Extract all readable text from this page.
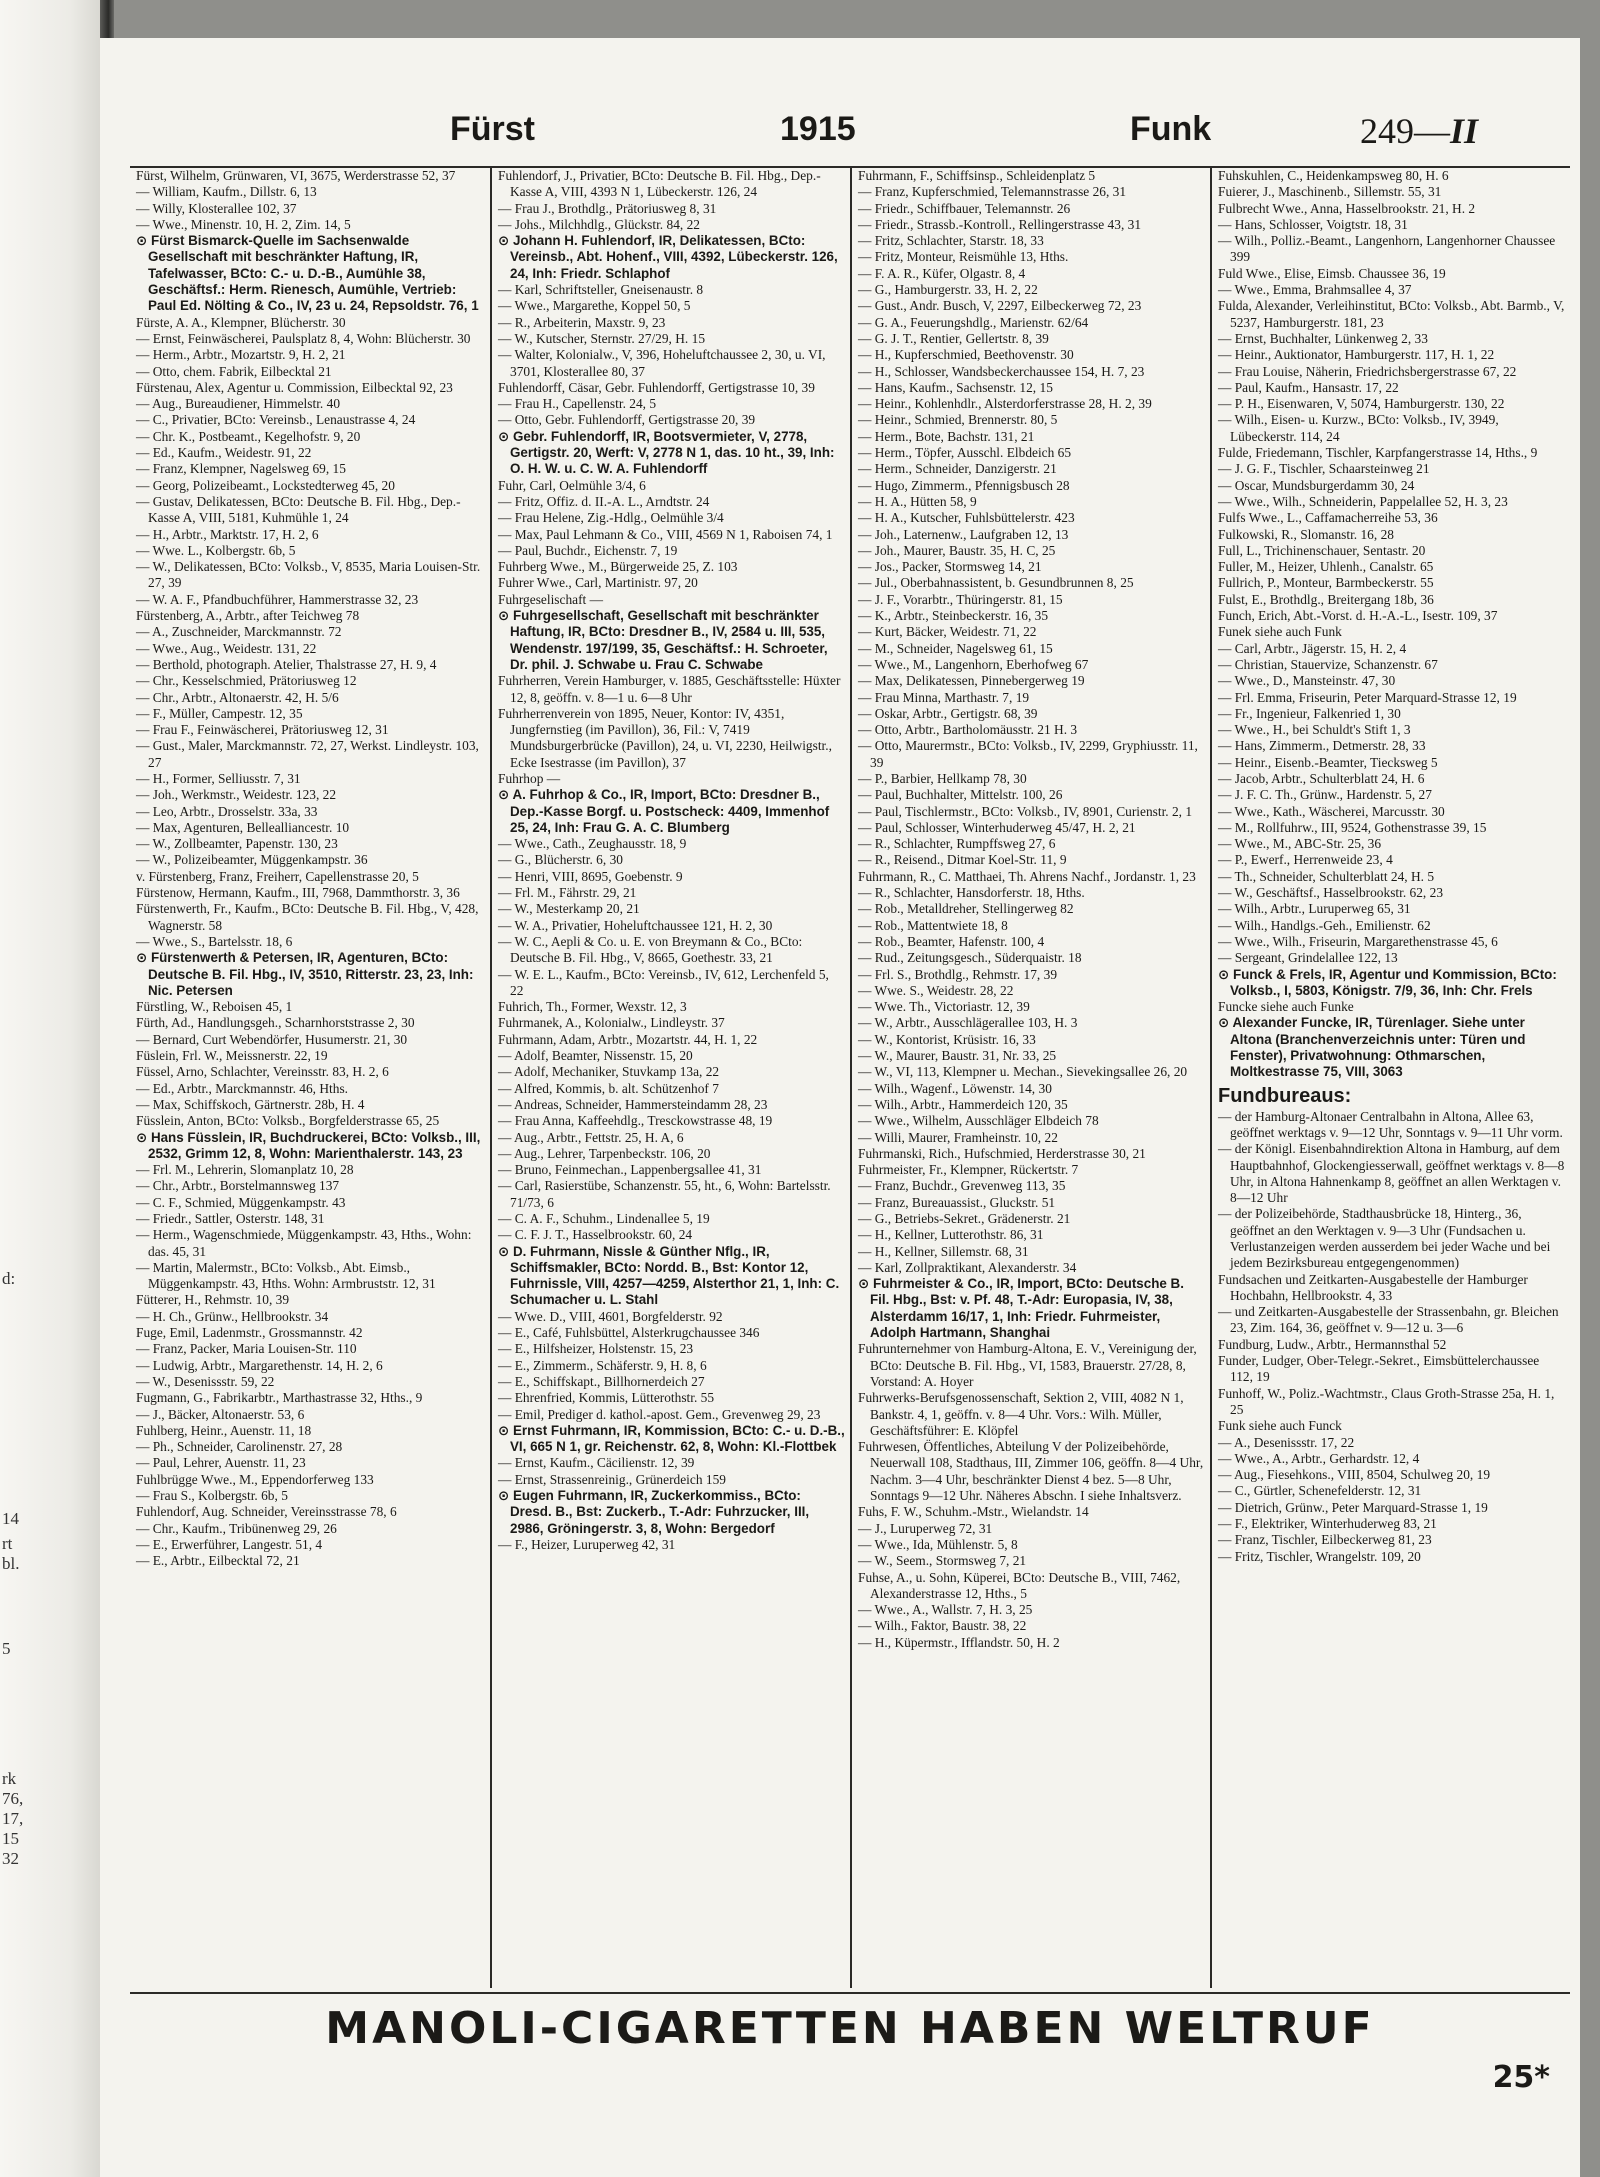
d:
14
rt
bl.
5
rk
76,
17,
15
32
Fürst	1915	Funk	249—II

Fürst, Wilhelm, Grünwaren, VI, 3675, Werderstrasse 52, 37

— William, Kaufm., Dillstr. 6, 13

— Willy, Klosterallee 102, 37

— Wwe., Minenstr. 10, H. 2, Zim. 14, 5

⊙ Fürst Bismarck-Quelle im Sachsenwalde Gesellschaft mit beschränkter Haftung, IR, Tafelwasser, BCto: C.- u. D.-B., Aumühle 38, Geschäftsf.: Herm. Rienesch, Aumühle, Vertrieb: Paul Ed. Nölting & Co., IV, 23 u. 24, Repsoldstr. 76, 1

Fürste, A. A., Klempner, Blücherstr. 30

— Ernst, Feinwäscherei, Paulsplatz 8, 4, Wohn: Blücherstr. 30

— Herm., Arbtr., Mozartstr. 9, H. 2, 21

— Otto, chem. Fabrik, Eilbecktal 21

Fürstenau, Alex, Agentur u. Commission, Eilbecktal 92, 23

— Aug., Bureaudiener, Himmelstr. 40

— C., Privatier, BCto: Vereinsb., Lenaustrasse 4, 24

— Chr. K., Postbeamt., Kegelhofstr. 9, 20

— Ed., Kaufm., Weidestr. 91, 22

— Franz, Klempner, Nagelsweg 69, 15

— Georg, Polizeibeamt., Lockstedterweg 45, 20

— Gustav, Delikatessen, BCto: Deutsche B. Fil. Hbg., Dep.-Kasse A, VIII, 5181, Kuhmühle 1, 24

— H., Arbtr., Marktstr. 17, H. 2, 6

— Wwe. L., Kolbergstr. 6b, 5

— W., Delikatessen, BCto: Volksb., V, 8535, Maria Louisen-Str. 27, 39

— W. A. F., Pfandbuchführer, Hammerstrasse 32, 23

Fürstenberg, A., Arbtr., after Teichweg 78

— A., Zuschneider, Marckmannstr. 72

— Wwe., Aug., Weidestr. 131, 22

— Berthold, photograph. Atelier, Thalstrasse 27, H. 9, 4

— Chr., Kesselschmied, Prätoriusweg 12

— Chr., Arbtr., Altonaerstr. 42, H. 5/6

— F., Müller, Campestr. 12, 35

— Frau F., Feinwäscherei, Prätoriusweg 12, 31

— Gust., Maler, Marckmannstr. 72, 27, Werkst. Lindleystr. 103, 27

— H., Former, Selliusstr. 7, 31

— Joh., Werkmstr., Weidestr. 123, 22

— Leo, Arbtr., Drosselstr. 33a, 33

— Max, Agenturen, Bellealliancestr. 10

— W., Zollbeamter, Papenstr. 130, 23

— W., Polizeibeamter, Müggenkampstr. 36

v. Fürstenberg, Franz, Freiherr, Capellenstrasse 20, 5

Fürstenow, Hermann, Kaufm., III, 7968, Dammthorstr. 3, 36

Fürstenwerth, Fr., Kaufm., BCto: Deutsche B. Fil. Hbg., V, 428, Wagnerstr. 58

— Wwe., S., Bartelsstr. 18, 6

⊙ Fürstenwerth & Petersen, IR, Agenturen, BCto: Deutsche B. Fil. Hbg., IV, 3510, Ritterstr. 23, 23, Inh: Nic. Petersen

Fürstling, W., Reboisen 45, 1

Fürth, Ad., Handlungsgeh., Scharnhorststrasse 2, 30

— Bernard, Curt Webendörfer, Husumerstr. 21, 30

Füslein, Frl. W., Meissnerstr. 22, 19

Füssel, Arno, Schlachter, Vereinsstr. 83, H. 2, 6

— Ed., Arbtr., Marckmannstr. 46, Hths.

— Max, Schiffskoch, Gärtnerstr. 28b, H. 4

Füsslein, Anton, BCto: Volksb., Borgfelderstrasse 65, 25

⊙ Hans Füsslein, IR, Buchdruckerei, BCto: Volksb., III, 2532, Grimm 12, 8, Wohn: Marienthalerstr. 143, 23

— Frl. M., Lehrerin, Slomanplatz 10, 28

— Chr., Arbtr., Borstelmannsweg 137

— C. F., Schmied, Müggenkampstr. 43

— Friedr., Sattler, Osterstr. 148, 31

— Herm., Wagenschmiede, Müggenkampstr. 43, Hths., Wohn: das. 45, 31

— Martin, Malermstr., BCto: Volksb., Abt. Eimsb., Müggenkampstr. 43, Hths. Wohn: Armbruststr. 12, 31

Fütterer, H., Rehmstr. 10, 39

— H. Ch., Grünw., Hellbrookstr. 34

Fuge, Emil, Ladenmstr., Grossmannstr. 42

— Franz, Packer, Maria Louisen-Str. 110

— Ludwig, Arbtr., Margarethenstr. 14, H. 2, 6

— W., Desenissstr. 59, 22

Fugmann, G., Fabrikarbtr., Marthastrasse 32, Hths., 9

— J., Bäcker, Altonaerstr. 53, 6

Fuhlberg, Heinr., Auenstr. 11, 18

— Ph., Schneider, Carolinenstr. 27, 28

— Paul, Lehrer, Auenstr. 11, 23

Fuhlbrügge Wwe., M., Eppendorferweg 133

— Frau S., Kolbergstr. 6b, 5

Fuhlendorf, Aug. Schneider, Vereinsstrasse 78, 6

— Chr., Kaufm., Tribünenweg 29, 26

— E., Erwerführer, Langestr. 51, 4

— E., Arbtr., Eilbecktal 72, 21

Fuhlendorf, J., Privatier, BCto: Deutsche B. Fil. Hbg., Dep.-Kasse A, VIII, 4393 N 1, Lübeckerstr. 126, 24

— Frau J., Brothdlg., Prätoriusweg 8, 31

— Johs., Milchhdlg., Glückstr. 84, 22

⊙ Johann H. Fuhlendorf, IR, Delikatessen, BCto: Vereinsb., Abt. Hohenf., VIII, 4392, Lübeckerstr. 126, 24, Inh: Friedr. Schlaphof

— Karl, Schriftsteller, Gneisenaustr. 8

— Wwe., Margarethe, Koppel 50, 5

— R., Arbeiterin, Maxstr. 9, 23

— W., Kutscher, Sternstr. 27/29, H. 15

— Walter, Kolonialw., V, 396, Hoheluftchaussee 2, 30, u. VI, 3701, Klosterallee 80, 37

Fuhlendorff, Cäsar, Gebr. Fuhlendorff, Gertigstrasse 10, 39

— Frau H., Capellenstr. 24, 5

— Otto, Gebr. Fuhlendorff, Gertigstrasse 20, 39

⊙ Gebr. Fuhlendorff, IR, Bootsvermieter, V, 2778, Gertigstr. 20, Werft: V, 2778 N 1, das. 10 ht., 39, Inh: O. H. W. u. C. W. A. Fuhlendorff

Fuhr, Carl, Oelmühle 3/4, 6

— Fritz, Offiz. d. II.-A. L., Arndtstr. 24

— Frau Helene, Zig.-Hdlg., Oelmühle 3/4

— Max, Paul Lehmann & Co., VIII, 4569 N 1, Raboisen 74, 1

— Paul, Buchdr., Eichenstr. 7, 19

Fuhrberg Wwe., M., Bürgerweide 25, Z. 103

Fuhrer Wwe., Carl, Martinistr. 97, 20

Fuhrgeselischaft —

⊙ Fuhrgesellschaft, Gesellschaft mit beschränkter Haftung, IR, BCto: Dresdner B., IV, 2584 u. III, 535, Wendenstr. 197/199, 35, Geschäftsf.: H. Schroeter, Dr. phil. J. Schwabe u. Frau C. Schwabe

Fuhrherren, Verein Hamburger, v. 1885, Geschäftsstelle: Hüxter 12, 8, geöffn. v. 8—1 u. 6—8 Uhr

Fuhrherrenverein von 1895, Neuer, Kontor: IV, 4351, Jungfernstieg (im Pavillon), 36, Fil.: V, 7419 Mundsburgerbrücke (Pavillon), 24, u. VI, 2230, Heilwigstr., Ecke Isestrasse (im Pavillon), 37

Fuhrhop —

⊙ A. Fuhrhop & Co., IR, Import, BCto: Dresdner B., Dep.-Kasse Borgf. u. Postscheck: 4409, Immenhof 25, 24, Inh: Frau G. A. C. Blumberg

— Wwe., Cath., Zeughausstr. 18, 9

— G., Blücherstr. 6, 30

— Henri, VIII, 8695, Goebenstr. 9

— Frl. M., Fährstr. 29, 21

— W., Mesterkamp 20, 21

— W. A., Privatier, Hoheluftchaussee 121, H. 2, 30

— W. C., Aepli & Co. u. E. von Breymann & Co., BCto: Deutsche B. Fil. Hbg., V, 8665, Goethestr. 33, 21

— W. E. L., Kaufm., BCto: Vereinsb., IV, 612, Lerchenfeld 5, 22

Fuhrich, Th., Former, Wexstr. 12, 3

Fuhrmanek, A., Kolonialw., Lindleystr. 37

Fuhrmann, Adam, Arbtr., Mozartstr. 44, H. 1, 22

— Adolf, Beamter, Nissenstr. 15, 20

— Adolf, Mechaniker, Stuvkamp 13a, 22

— Alfred, Kommis, b. alt. Schützenhof 7

— Andreas, Schneider, Hammersteindamm 28, 23

— Frau Anna, Kaffeehdlg., Tresckowstrasse 48, 19

— Aug., Arbtr., Fettstr. 25, H. A, 6

— Aug., Lehrer, Tarpenbeckstr. 106, 20

— Bruno, Feinmechan., Lappenbergsallee 41, 31

— Carl, Rasierstübe, Schanzenstr. 55, ht., 6, Wohn: Bartelsstr. 71/73, 6

— C. A. F., Schuhm., Lindenallee 5, 19

— C. F. J. T., Hasselbrookstr. 60, 24

⊙ D. Fuhrmann, Nissle & Günther Nflg., IR, Schiffsmakler, BCto: Nordd. B., Bst: Kontor 12, Fuhrnissle, VIII, 4257—4259, Alsterthor 21, 1, Inh: C. Schumacher u. L. Stahl

— Wwe. D., VIII, 4601, Borgfelderstr. 92

— E., Café, Fuhlsbüttel, Alsterkrugchaussee 346

— E., Hilfsheizer, Holstenstr. 15, 23

— E., Zimmerm., Schäferstr. 9, H. 8, 6

— E., Schiffskapt., Billhornerdeich 27

— Ehrenfried, Kommis, Lütterothstr. 55

— Emil, Prediger d. kathol.-apost. Gem., Grevenweg 29, 23

⊙ Ernst Fuhrmann, IR, Kommission, BCto: C.- u. D.-B., VI, 665 N 1, gr. Reichenstr. 62, 8, Wohn: Kl.-Flottbek

— Ernst, Kaufm., Cäcilienstr. 12, 39

— Ernst, Strassenreinig., Grünerdeich 159

⊙ Eugen Fuhrmann, IR, Zuckerkommiss., BCto: Dresd. B., Bst: Zuckerb., T.-Adr: Fuhrzucker, III, 2986, Gröningerstr. 3, 8, Wohn: Bergedorf

— F., Heizer, Luruperweg 42, 31

Fuhrmann, F., Schiffsinsp., Schleidenplatz 5

— Franz, Kupferschmied, Telemannstrasse 26, 31

— Friedr., Schiffbauer, Telemannstr. 26

— Friedr., Strassb.-Kontroll., Rellingerstrasse 43, 31

— Fritz, Schlachter, Starstr. 18, 33

— Fritz, Monteur, Reismühle 13, Hths.

— F. A. R., Küfer, Olgastr. 8, 4

— G., Hamburgerstr. 33, H. 2, 22

— Gust., Andr. Busch, V, 2297, Eilbeckerweg 72, 23

— G. A., Feuerungshdlg., Marienstr. 62/64

— G. J. T., Rentier, Gellertstr. 8, 39

— H., Kupferschmied, Beethovenstr. 30

— H., Schlosser, Wandsbeckerchaussee 154, H. 7, 23

— Hans, Kaufm., Sachsenstr. 12, 15

— Heinr., Kohlenhdlr., Alsterdorferstrasse 28, H. 2, 39

— Heinr., Schmied, Brennerstr. 80, 5

— Herm., Bote, Bachstr. 131, 21

— Herm., Töpfer, Ausschl. Elbdeich 65

— Herm., Schneider, Danzigerstr. 21

— Hugo, Zimmerm., Pfennigsbusch 28

— H. A., Hütten 58, 9

— H. A., Kutscher, Fuhlsbüttelerstr. 423

— Joh., Laternenw., Laufgraben 12, 13

— Joh., Maurer, Baustr. 35, H. C, 25

— Jos., Packer, Stormsweg 14, 21

— Jul., Oberbahnassistent, b. Gesundbrunnen 8, 25

— J. F., Vorarbtr., Thüringerstr. 81, 15

— K., Arbtr., Steinbeckerstr. 16, 35

— Kurt, Bäcker, Weidestr. 71, 22

— M., Schneider, Nagelsweg 61, 15

— Wwe., M., Langenhorn, Eberhofweg 67

— Max, Delikatessen, Pinnebergerweg 19

— Frau Minna, Marthastr. 7, 19

— Oskar, Arbtr., Gertigstr. 68, 39

— Otto, Arbtr., Bartholomäusstr. 21 H. 3

— Otto, Maurermstr., BCto: Volksb., IV, 2299, Gryphiusstr. 11, 39

— P., Barbier, Hellkamp 78, 30

— Paul, Buchhalter, Mittelstr. 100, 26

— Paul, Tischlermstr., BCto: Volksb., IV, 8901, Curienstr. 2, 1

— Paul, Schlosser, Winterhuderweg 45/47, H. 2, 21

— R., Schlachter, Rumpffsweg 27, 6

— R., Reisend., Ditmar Koel-Str. 11, 9

Fuhrmann, R., C. Matthaei, Th. Ahrens Nachf., Jordanstr. 1, 23

— R., Schlachter, Hansdorferstr. 18, Hths.

— Rob., Metalldreher, Stellingerweg 82

— Rob., Mattentwiete 18, 8

— Rob., Beamter, Hafenstr. 100, 4

— Rud., Zeitungsgesch., Süderquaistr. 18

— Frl. S., Brothdlg., Rehmstr. 17, 39

— Wwe. S., Weidestr. 28, 22

— Wwe. Th., Victoriastr. 12, 39

— W., Arbtr., Ausschlägerallee 103, H. 3

— W., Kontorist, Krüsistr. 16, 33

— W., Maurer, Baustr. 31, Nr. 33, 25

— W., VI, 113, Klempner u. Mechan., Sievekingsallee 26, 20

— Wilh., Wagenf., Löwenstr. 14, 30

— Wilh., Arbtr., Hammerdeich 120, 35

— Wwe., Wilhelm, Ausschläger Elbdeich 78

— Willi, Maurer, Framheinstr. 10, 22

Fuhrmanski, Rich., Hufschmied, Herderstrasse 30, 21

Fuhrmeister, Fr., Klempner, Rückertstr. 7

— Franz, Buchdr., Grevenweg 113, 35

— Franz, Bureauassist., Gluckstr. 51

— G., Betriebs-Sekret., Grädenerstr. 21

— H., Kellner, Lutterothstr. 86, 31

— H., Kellner, Sillemstr. 68, 31

— Karl, Zollpraktikant, Alexanderstr. 34

⊙ Fuhrmeister & Co., IR, Import, BCto: Deutsche B. Fil. Hbg., Bst: v. Pf. 48, T.-Adr: Europasia, IV, 38, Alsterdamm 16/17, 1, Inh: Friedr. Fuhrmeister, Adolph Hartmann, Shanghai

Fuhrunternehmer von Hamburg-Altona, E. V., Vereinigung der, BCto: Deutsche B. Fil. Hbg., VI, 1583, Brauerstr. 27/28, 8, Vorstand: A. Hoyer

Fuhrwerks-Berufsgenossenschaft, Sektion 2, VIII, 4082 N 1, Bankstr. 4, 1, geöffn. v. 8—4 Uhr. Vors.: Wilh. Müller, Geschäftsführer: E. Klöpfel

Fuhrwesen, Öffentliches, Abteilung V der Polizeibehörde, Neuerwall 108, Stadthaus, III, Zimmer 106, geöffn. 8—4 Uhr, Nachm. 3—4 Uhr, beschränkter Dienst 4 bez. 5—8 Uhr, Sonntags 9—12 Uhr. Näheres Abschn. I siehe Inhaltsverz.

Fuhs, F. W., Schuhm.-Mstr., Wielandstr. 14

— J., Luruperweg 72, 31

— Wwe., Ida, Mühlenstr. 5, 8

— W., Seem., Stormsweg 7, 21

Fuhse, A., u. Sohn, Küperei, BCto: Deutsche B., VIII, 7462, Alexanderstrasse 12, Hths., 5

— Wwe., A., Wallstr. 7, H. 3, 25

— Wilh., Faktor, Baustr. 38, 22

— H., Küpermstr., Ifflandstr. 50, H. 2

Fuhskuhlen, C., Heidenkampsweg 80, H. 6

Fuierer, J., Maschinenb., Sillemstr. 55, 31

Fulbrecht Wwe., Anna, Hasselbrookstr. 21, H. 2

— Hans, Schlosser, Voigtstr. 18, 31

— Wilh., Polliz.-Beamt., Langenhorn, Langenhorner Chaussee 399

Fuld Wwe., Elise, Eimsb. Chaussee 36, 19

— Wwe., Emma, Brahmsallee 4, 37

Fulda, Alexander, Verleihinstitut, BCto: Volksb., Abt. Barmb., V, 5237, Hamburgerstr. 181, 23

— Ernst, Buchhalter, Lünkenweg 2, 33

— Heinr., Auktionator, Hamburgerstr. 117, H. 1, 22

— Frau Louise, Näherin, Friedrichsbergerstrasse 67, 22

— Paul, Kaufm., Hansastr. 17, 22

— P. H., Eisenwaren, V, 5074, Hamburgerstr. 130, 22

— Wilh., Eisen- u. Kurzw., BCto: Volksb., IV, 3949, Lübeckerstr. 114, 24

Fulde, Friedemann, Tischler, Karpfangerstrasse 14, Hths., 9

— J. G. F., Tischler, Schaarsteinweg 21

— Oscar, Mundsburgerdamm 30, 24

— Wwe., Wilh., Schneiderin, Pappelallee 52, H. 3, 23

Fulfs Wwe., L., Caffamacherreihe 53, 36

Fulkowski, R., Slomanstr. 16, 28

Full, L., Trichinenschauer, Sentastr. 20

Fuller, M., Heizer, Uhlenh., Canalstr. 65

Fullrich, P., Monteur, Barmbeckerstr. 55

Fulst, E., Brothdlg., Breitergang 18b, 36

Funch, Erich, Abt.-Vorst. d. H.-A.-L., Isestr. 109, 37

Funek siehe auch Funk

— Carl, Arbtr., Jägerstr. 15, H. 2, 4

— Christian, Stauervize, Schanzenstr. 67

— Wwe., D., Mansteinstr. 47, 30

— Frl. Emma, Friseurin, Peter Marquard-Strasse 12, 19

— Fr., Ingenieur, Falkenried 1, 30

— Wwe., H., bei Schuldt's Stift 1, 3

— Hans, Zimmerm., Detmerstr. 28, 33

— Heinr., Eisenb.-Beamter, Tiecksweg 5

— Jacob, Arbtr., Schulterblatt 24, H. 6

— J. F. C. Th., Grünw., Hardenstr. 5, 27

— Wwe., Kath., Wäscherei, Marcusstr. 30

— M., Rollfuhrw., III, 9524, Gothenstrasse 39, 15

— Wwe., M., ABC-Str. 25, 36

— P., Ewerf., Herrenweide 23, 4

— Th., Schneider, Schulterblatt 24, H. 5

— W., Geschäftsf., Hasselbrookstr. 62, 23

— Wilh., Arbtr., Luruperweg 65, 31

— Wilh., Handlgs.-Geh., Emilienstr. 62

— Wwe., Wilh., Friseurin, Margarethenstrasse 45, 6

— Sergeant, Grindelallee 122, 13

⊙ Funck & Frels, IR, Agentur und Kommission, BCto: Volksb., I, 5803, Königstr. 7/9, 36, Inh: Chr. Frels

Funcke siehe auch Funke

⊙ Alexander Funcke, IR, Türenlager. Siehe unter Altona (Branchenverzeichnis unter: Türen und Fenster), Privatwohnung: Othmarschen, Moltkestrasse 75, VIII, 3063

Fundbureaus:

— der Hamburg-Altonaer Centralbahn in Altona, Allee 63, geöffnet werktags v. 9—12 Uhr, Sonntags v. 9—11 Uhr vorm.

— der Königl. Eisenbahndirektion Altona in Hamburg, auf dem Hauptbahnhof, Glockengiesserwall, geöffnet werktags v. 8—8 Uhr, in Altona Hahnenkamp 8, geöffnet an allen Werktagen v. 8—12 Uhr

— der Polizeibehörde, Stadthausbrücke 18, Hinterg., 36, geöffnet an den Werktagen v. 9—3 Uhr (Fundsachen u. Verlustanzeigen werden ausserdem bei jeder Wache und bei jedem Bezirksbureau entgegengenommen)

Fundsachen und Zeitkarten-Ausgabestelle der Hamburger Hochbahn, Hellbrookstr. 4, 33

— und Zeitkarten-Ausgabestelle der Strassenbahn, gr. Bleichen 23, Zim. 164, 36, geöffnet v. 9—12 u. 3—6

Fundburg, Ludw., Arbtr., Hermannsthal 52

Funder, Ludger, Ober-Telegr.-Sekret., Eimsbüttelerchaussee 112, 19

Funhoff, W., Poliz.-Wachtmstr., Claus Groth-Strasse 25a, H. 1, 25

Funk siehe auch Funck

— A., Desenissstr. 17, 22

— Wwe., A., Arbtr., Gerhardstr. 12, 4

— Aug., Fiesehkons., VIII, 8504, Schulweg 20, 19

— C., Gürtler, Schenefelderstr. 12, 31

— Dietrich, Grünw., Peter Marquard-Strasse 1, 19

— F., Elektriker, Winterhuderweg 83, 21

— Franz, Tischler, Eilbeckerweg 81, 23

— Fritz, Tischler, Wrangelstr. 109, 20

MANOLI-CIGARETTEN HABEN WELTRUF
25*
